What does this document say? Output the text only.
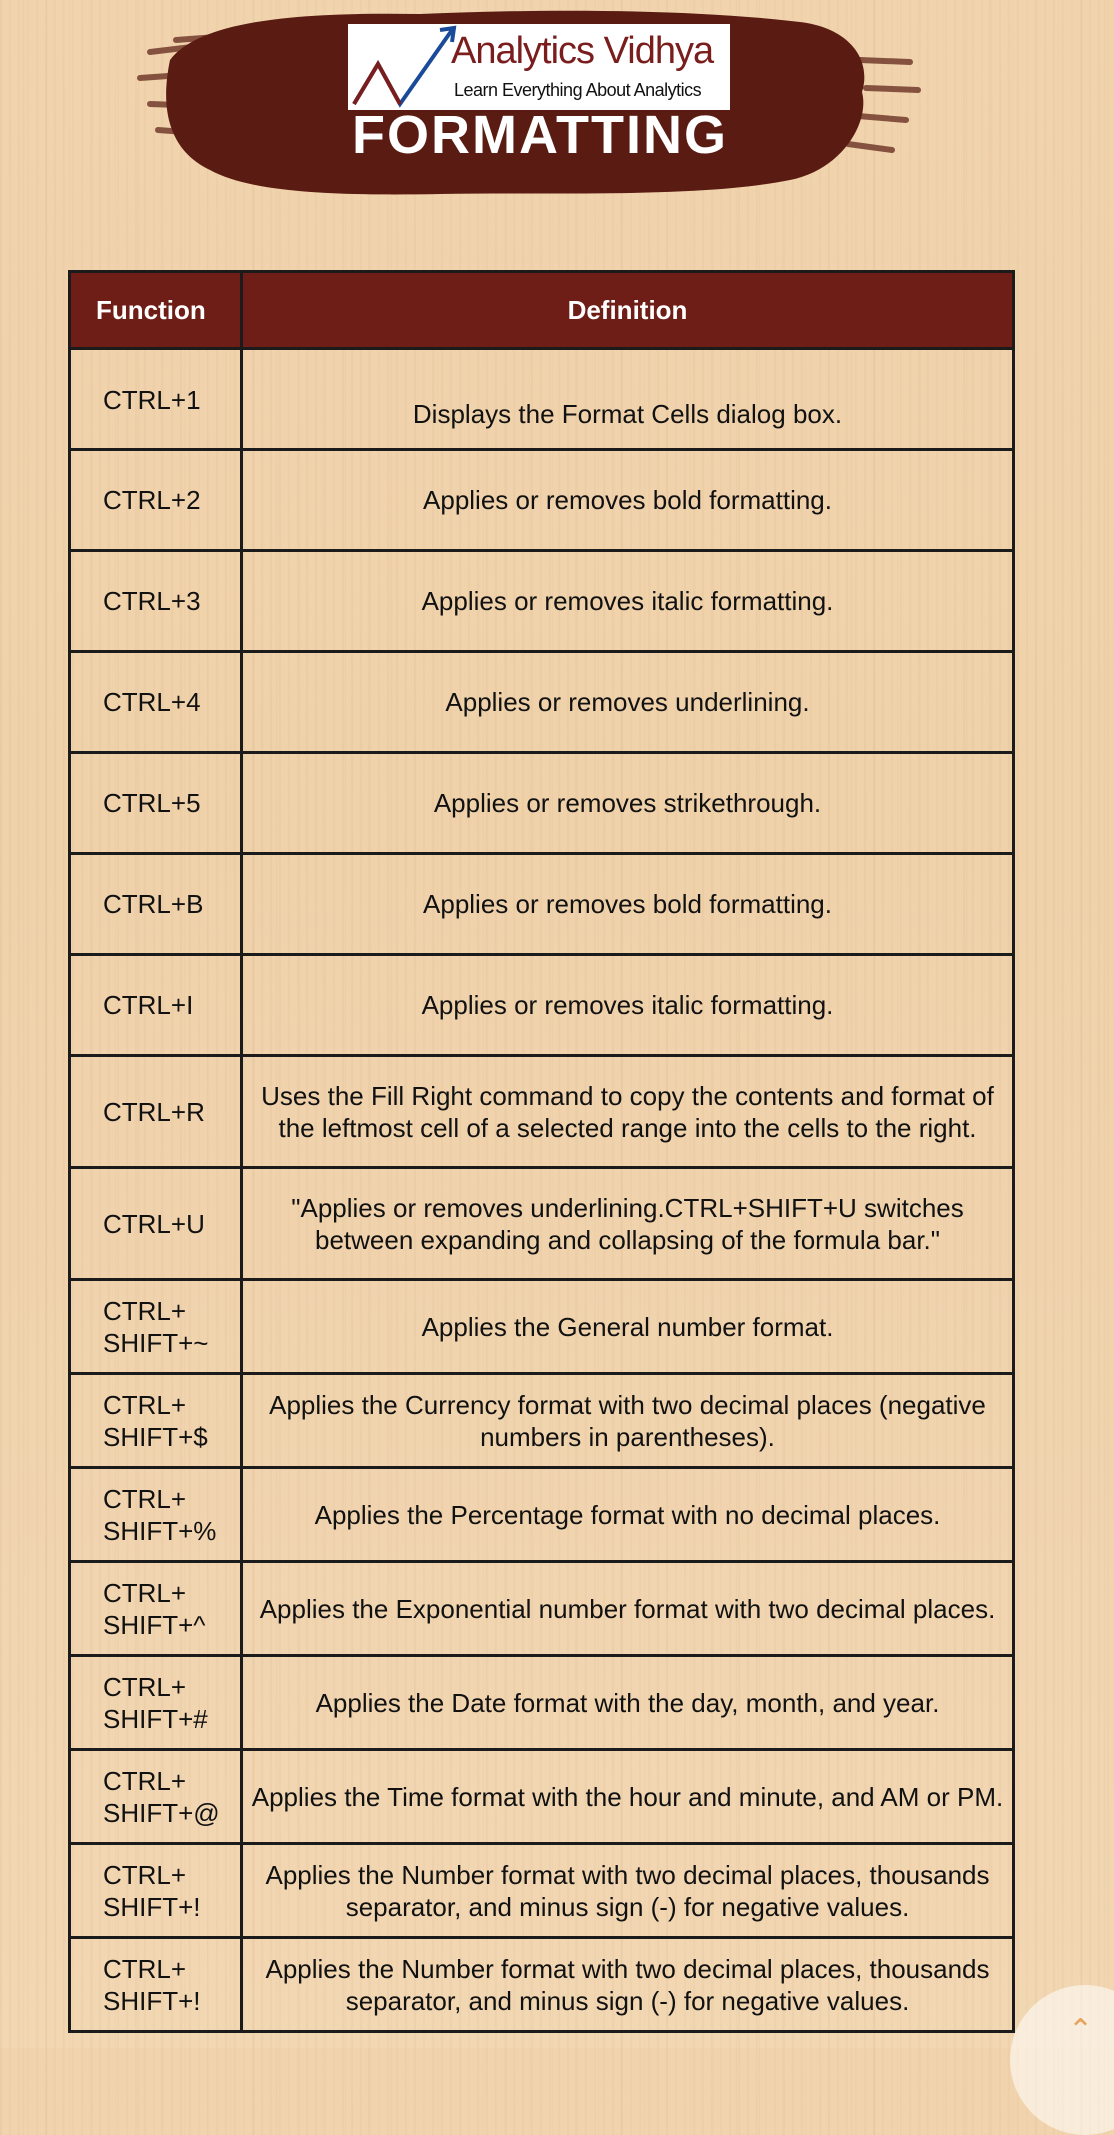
Analytics Vidhya
Learn Everything About Analytics
FORMATTING
Function	Definition
CTRL+1	Displays the Format Cells dialog box.
CTRL+2	Applies or removes bold formatting.
CTRL+3	Applies or removes italic formatting.
CTRL+4	Applies or removes underlining.
CTRL+5	Applies or removes strikethrough.
CTRL+B	Applies or removes bold formatting.
CTRL+I	Applies or removes italic formatting.
CTRL+R	Uses the Fill Right command to copy the contents and format of the leftmost cell of a selected range into the cells to the right.
CTRL+U	"Applies or removes underlining.CTRL+SHIFT+U switches between expanding and collapsing of the formula bar."
CTRL+ SHIFT+~	Applies the General number format.
CTRL+ SHIFT+$	Applies the Currency format with two decimal places (negative numbers in parentheses).
CTRL+ SHIFT+%	Applies the Percentage format with no decimal places.
CTRL+ SHIFT+^	Applies the Exponential number format with two decimal places.
CTRL+ SHIFT+#	Applies the Date format with the day, month, and year.
CTRL+ SHIFT+@	Applies the Time format with the hour and minute, and AM or PM.
CTRL+ SHIFT+!	Applies the Number format with two decimal places, thousands separator, and minus sign (-) for negative values.
CTRL+ SHIFT+!	Applies the Number format with two decimal places, thousands separator, and minus sign (-) for negative values.
⌃
